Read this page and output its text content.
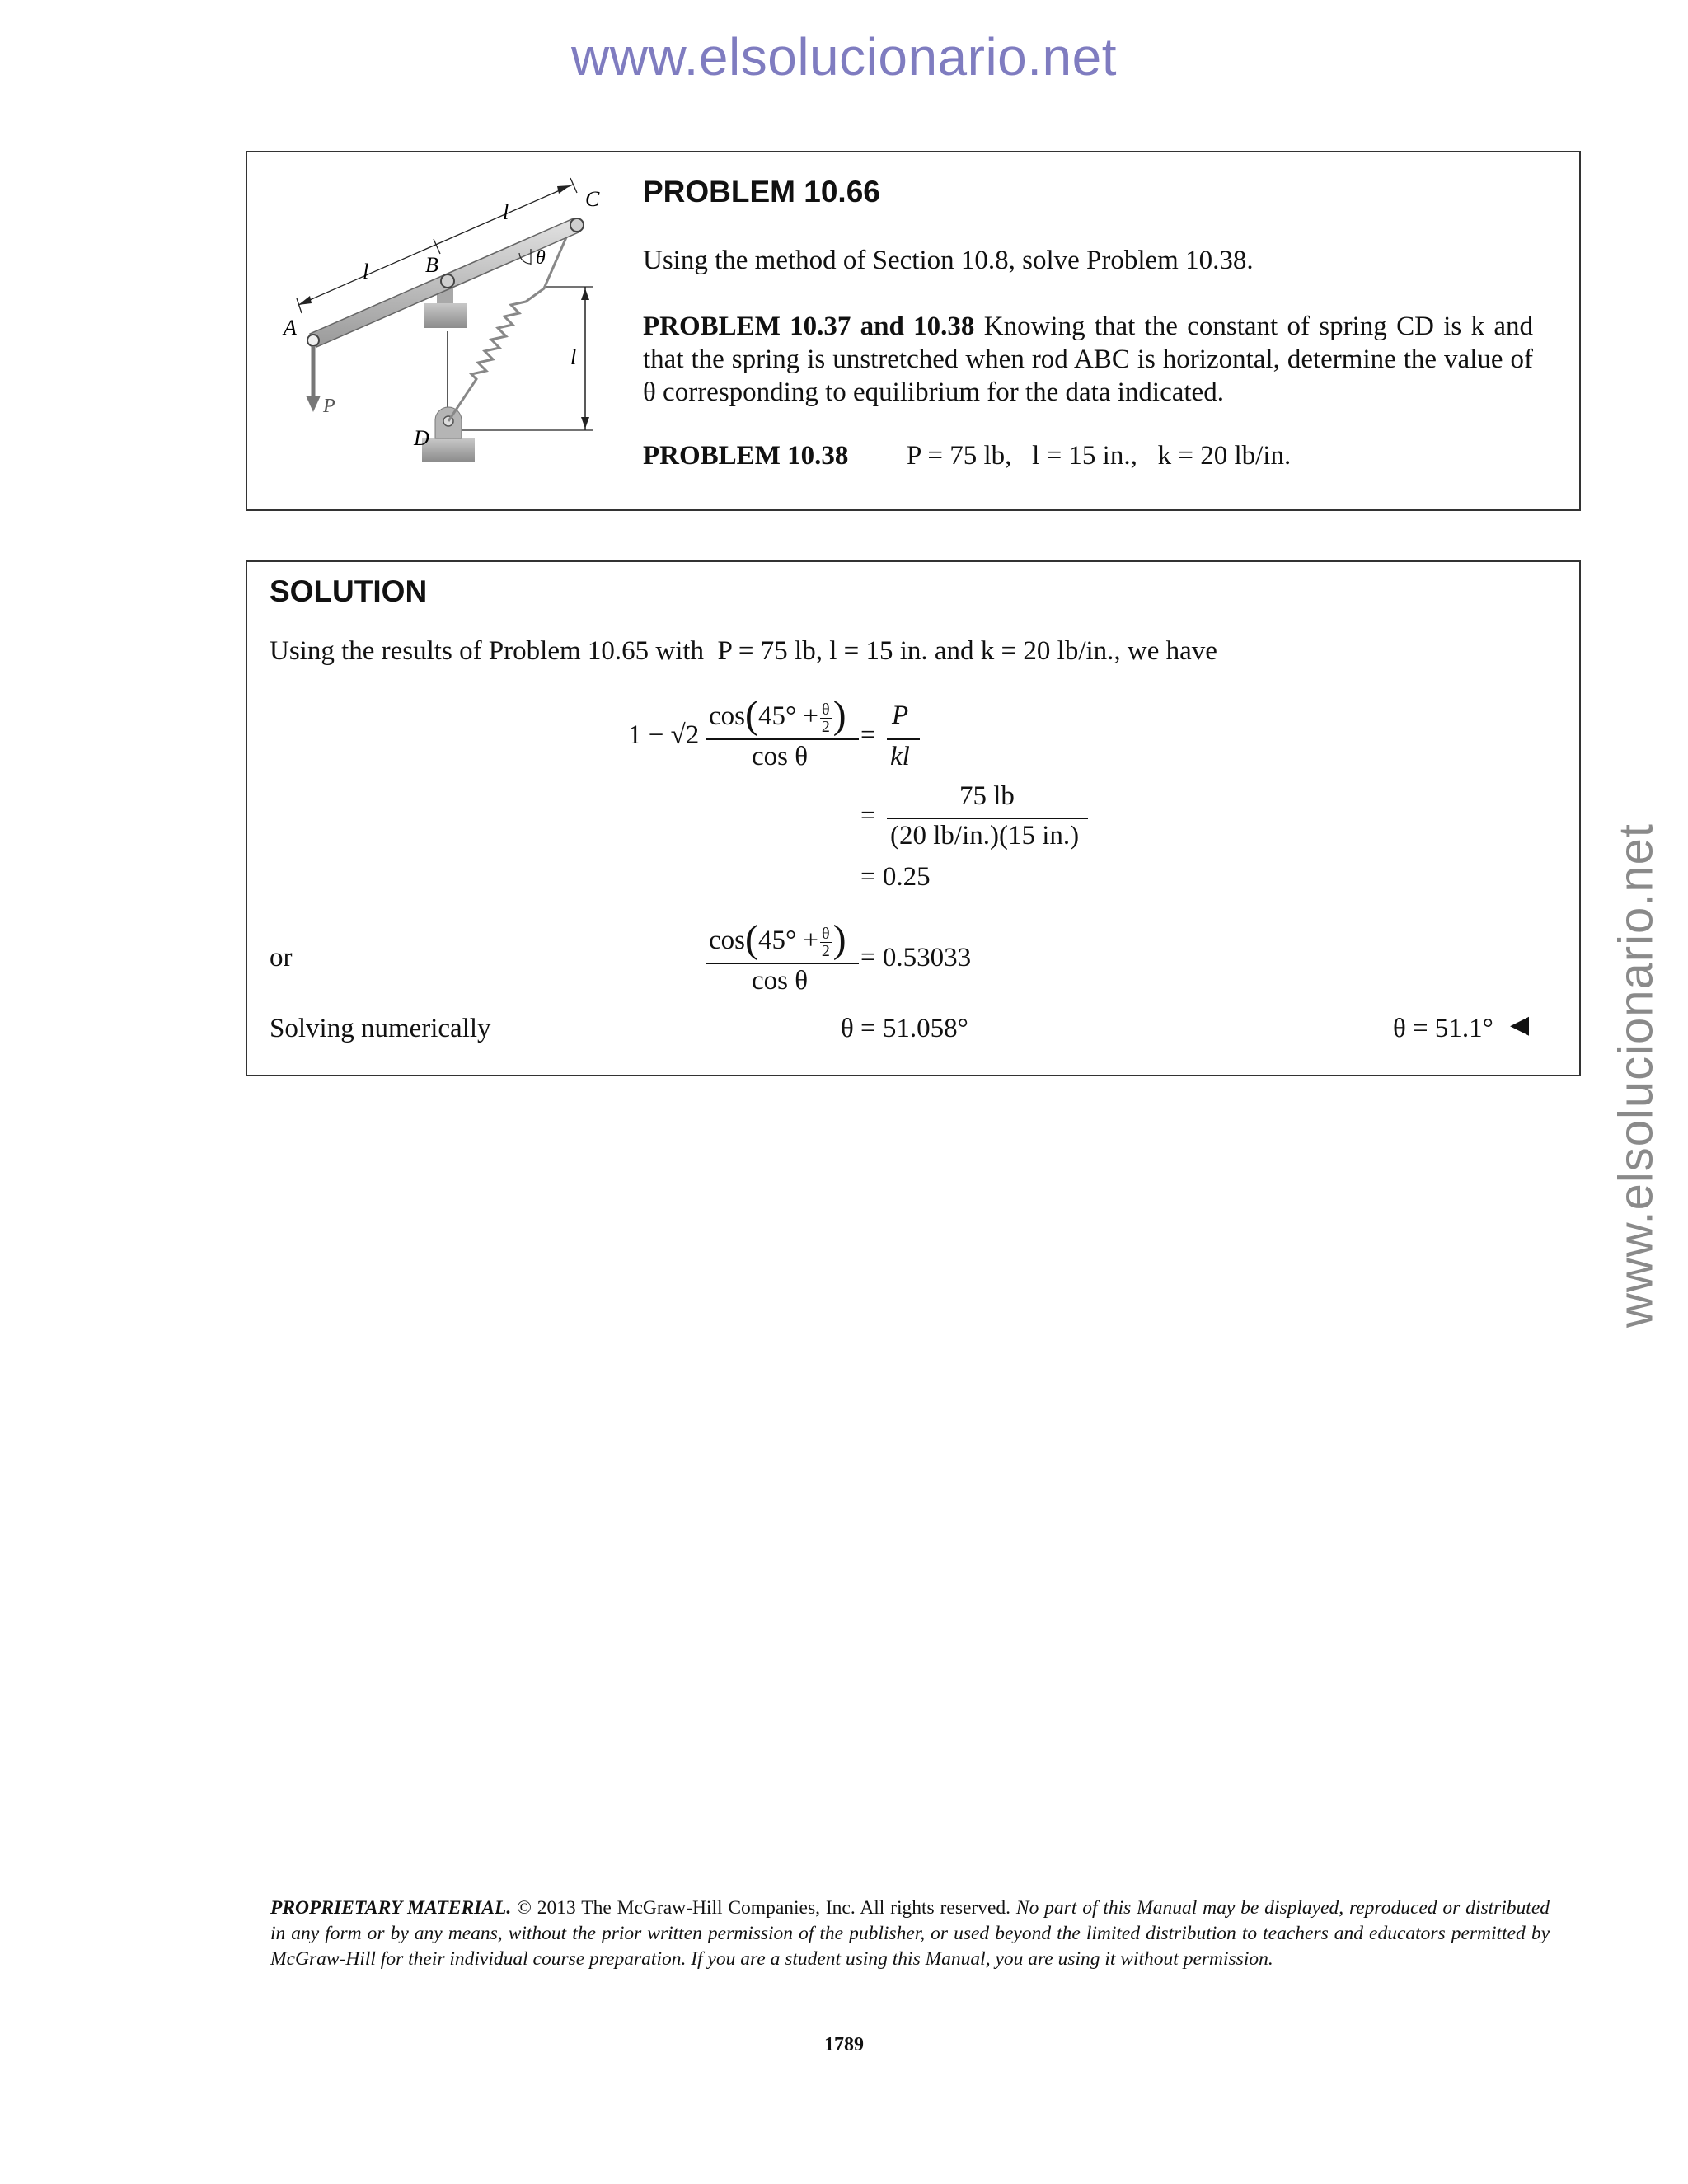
www.elsolucionario.net
www.elsolucionario.net
l
P
l
l
θ
A
B
C
D
PROBLEM 10.66
Using the method of Section 10.8, solve Problem 10.38.
PROBLEM 10.37 and 10.38 Knowing that the constant of spring CD is k and that the spring is unstretched when rod ABC is horizontal, determine the value of θ corresponding to equilibrium for the data indicated.
PROBLEM 10.38 P = 75 lb,   l = 15 in.,   k = 20 lb/in.
SOLUTION
Using the results of Problem 10.65 with  P = 75 lb, l = 15 in. and k = 20 lb/in., we have
1 − √2
$\cos(45^\circ + \frac{\theta}{2}$ )
cos θ
=
P
kl
=
75 lb
(20 lb/in.)(15 in.)
= 0.25
or
$\cos(45^\circ + \frac{\theta}{2}$ )
cos θ
= 0.53033
Solving numerically	θ = 51.058°	θ = 51.1° ◀
PROPRIETARY MATERIAL. © 2013 The McGraw-Hill Companies, Inc. All rights reserved. No part of this Manual may be displayed, reproduced or distributed in any form or by any means, without the prior written permission of the publisher, or used beyond the limited distribution to teachers and educators permitted by McGraw-Hill for their individual course preparation. If you are a student using this Manual, you are using it without permission.
1789
